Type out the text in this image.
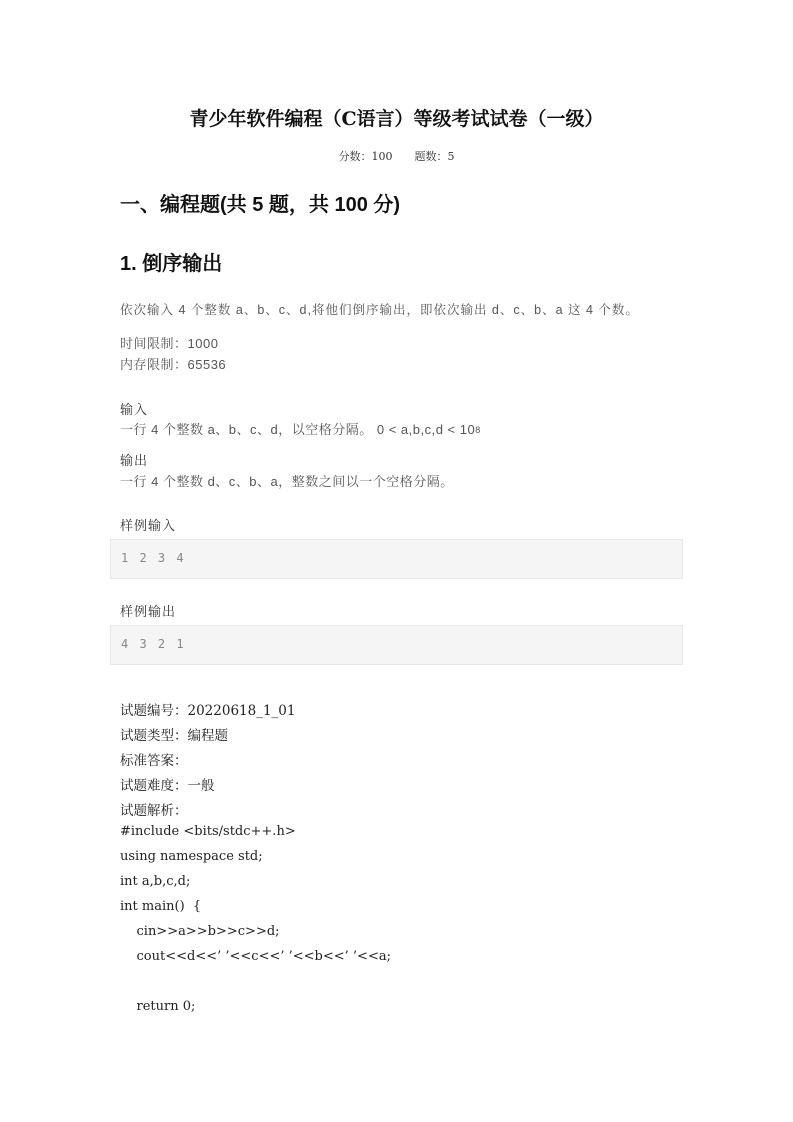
青少年软件编程（C语言）等级考试试卷（一级）
分数：100 题数：5
一、编程题(共 5 题，共 100 分)
1. 倒序输出
依次输入 4 个整数 a、b、c、d,将他们倒序输出，即依次输出 d、c、b、a 这 4 个数。
时间限制：1000
内存限制：65536
输入
一行 4 个整数 a、b、c、d，以空格分隔。 0 < a,b,c,d < 108
输出
一行 4 个整数 d、c、b、a，整数之间以一个空格分隔。
样例输入
1 2 3 4
样例输出
4 3 2 1
试题编号：20220618_1_01
试题类型：编程题
标准答案：
试题难度：一般
试题解析：
#include <bits/stdc++.h>
using namespace std;
int a,b,c,d;
int main()  {
cin>>a>>b>>c>>d;
cout<<d<<’ ’<<c<<’ ’<<b<<’ ’<<a;
return 0;
